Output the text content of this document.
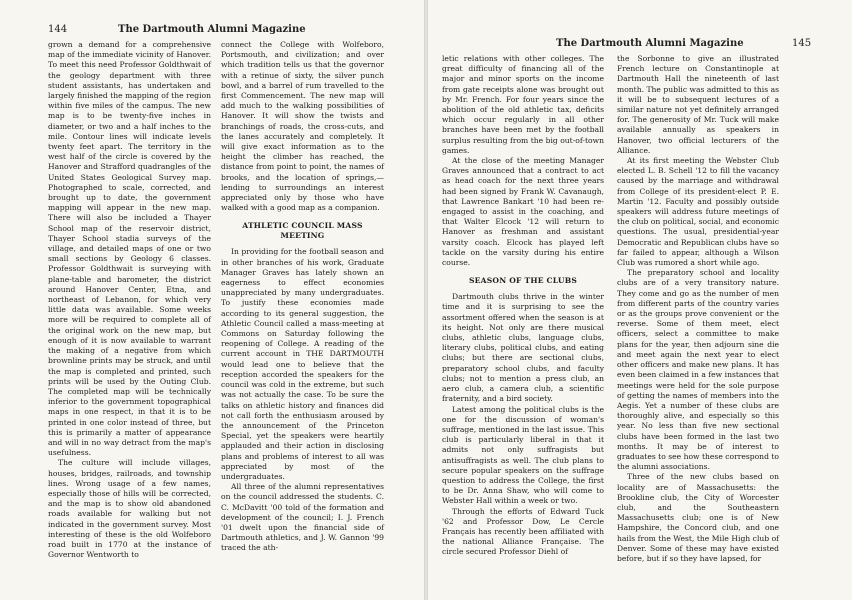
144	The Dartmouth Alumni Magazine

grown a demand for a comprehensive map of the immediate vicinity of Hanover. To meet this need Professor Goldthwait of the geology department with three student assistants, has undertaken and largely finished the mapping of the region within five miles of the campus. The new map is to be twenty-five inches in diameter, or two and a half inches to the mile. Contour lines will indicate levels twenty feet apart. The territory in the west half of the circle is covered by the Hanover and Strafford quadrangles of the United States Geological Survey map. Photographed to scale, corrected, and brought up to date, the government mapping will appear in the new map. There will also be included a Thayer School map of the reservoir district, Thayer School stadia surveys of the village, and detailed maps of one or two small sections by Geology 6 classes. Professor Goldthwait is surveying with plane-table and barometer, the district around Hanover Center, Etna, and northeast of Lebanon, for which very little data was available. Some weeks more will be required to complete all of the original work on the new map, but enough of it is now available to warrant the making of a negative from which brownline prints may be struck, and until the map is completed and printed, such prints will be used by the Outing Club. The completed map will be technically inferior to the government topographical maps in one respect, in that it is to be printed in one color instead of three, but this is primarily a matter of appearance and will in no way detract from the map's usefulness.

The culture will include villages, houses, bridges, railroads, and township lines. Wrong usage of a few names, especially those of hills will be corrected, and the map is to show old abandoned roads available for walking but not indicated in the government survey. Most interesting of these is the old Wolfeboro road built in 1770 at the instance of Governor Wentworth to

connect the College with Wolfeboro, Portsmouth, and civilization; and over which tradition tells us that the governor with a retinue of sixty, the silver punch bowl, and a barrel of rum travelled to the first Commencement. The new map will add much to the walking possibilities of Hanover. It will show the twists and branchings of roads, the cross-cuts, and the lanes accurately and completely. It will give exact information as to the height the climber has reached, the distance from point to point, the names of brooks, and the location of springs,—lending to surroundings an interest appreciated only by those who have walked with a good map as a companion.

ATHLETIC COUNCIL MASS MEETING

In providing for the football season and in other branches of his work, Graduate Manager Graves has lately shown an eagerness to effect economies unappreciated by many undergraduates. To justify these economies made according to its general suggestion, the Athletic Council called a mass-meeting at Commons on Saturday following the reopening of College. A reading of the current account in THE DARTMOUTH would lead one to believe that the reception accorded the speakers for the council was cold in the extreme, but such was not actually the case. To be sure the talks on athletic history and finances did not call forth the enthusiasm aroused by the announcement of the Princeton Special, yet the speakers were heartily applauded and their action in disclosing plans and problems of interest to all was appreciated by most of the undergraduates.

All three of the alumni representatives on the council addressed the students. C. C. McDavitt '00 told of the formation and development of the council; I. J. French '01 dwelt upon the financial side of Dartmouth athletics, and J. W. Gannon '99 traced the ath-

The Dartmouth Alumni Magazine	145

letic relations with other colleges. The great difficulty of financing all of the major and minor sports on the income from gate receipts alone was brought out by Mr. French. For four years since the abolition of the old athletic tax, deficits which occur regularly in all other branches have been met by the football surplus resulting from the big out-of-town games.

At the close of the meeting Manager Graves announced that a contract to act as head coach for the next three years had been signed by Frank W. Cavanaugh, that Lawrence Bankart '10 had been re-engaged to assist in the coaching, and that Walter Elcock '12 will return to Hanover as freshman and assistant varsity coach. Elcock has played left tackle on the varsity during his entire course.

SEASON OF THE CLUBS

Dartmouth clubs thrive in the winter time and it is surprising to see the assortment offered when the season is at its height. Not only are there musical clubs, athletic clubs, language clubs, literary clubs, political clubs, and eating clubs; but there are sectional clubs, preparatory school clubs, and faculty clubs; not to mention a press club, an aero club, a camera club, a scientific fraternity, and a bird society.

Latest among the political clubs is the one for the discussion of woman's suffrage, mentioned in the last issue. This club is particularly liberal in that it admits not only suffragists but antisuffragists as well. The club plans to secure popular speakers on the suffrage question to address the College, the first to be Dr. Anna Shaw, who will come to Webster Hall within a week or two.

Through the efforts of Edward Tuck '62 and Professor Dow, Le Cercle Français has recently been affiliated with the national Alliance Française. The circle secured Professor Diehl of

the Sorbonne to give an illustrated French lecture on Constantinople at Dartmouth Hall the nineteenth of last month. The public was admitted to this as it will be to subsequent lectures of a similar nature not yet definitely arranged for. The generosity of Mr. Tuck will make available annually as speakers in Hanover, two official lecturers of the Alliance.

At its first meeting the Webster Club elected L. B. Schell '12 to fill the vacancy caused by the marriage and withdrawal from College of its president-elect P. E. Martin '12. Faculty and possibly outside speakers will address future meetings of the club on political, social, and economic questions. The usual, presidential-year Democratic and Republican clubs have so far failed to appear, although a Wilson Club was rumored a short while ago.

The preparatory school and locality clubs are of a very transitory nature. They come and go as the number of men from different parts of the country varies or as the groups prove convenient or the reverse. Some of them meet, elect officers, select a committee to make plans for the year, then adjourn sine die and meet again the next year to elect other officers and make new plans. It has even been claimed in a few instances that meetings were held for the sole purpose of getting the names of members into the Aegis. Yet a number of these clubs are thoroughly alive, and especially so this year. No less than five new sectional clubs have been formed in the last two months. It may be of interest to graduates to see how these correspond to the alumni associations.

Three of the new clubs based on locality are of Massachusetts: the Brookline club, the City of Worcester club, and the Southeastern Massachusetts club; one is of New Hampshire, the Concord club, and one hails from the West, the Mile High club of Denver. Some of these may have existed before, but if so they have lapsed, for
